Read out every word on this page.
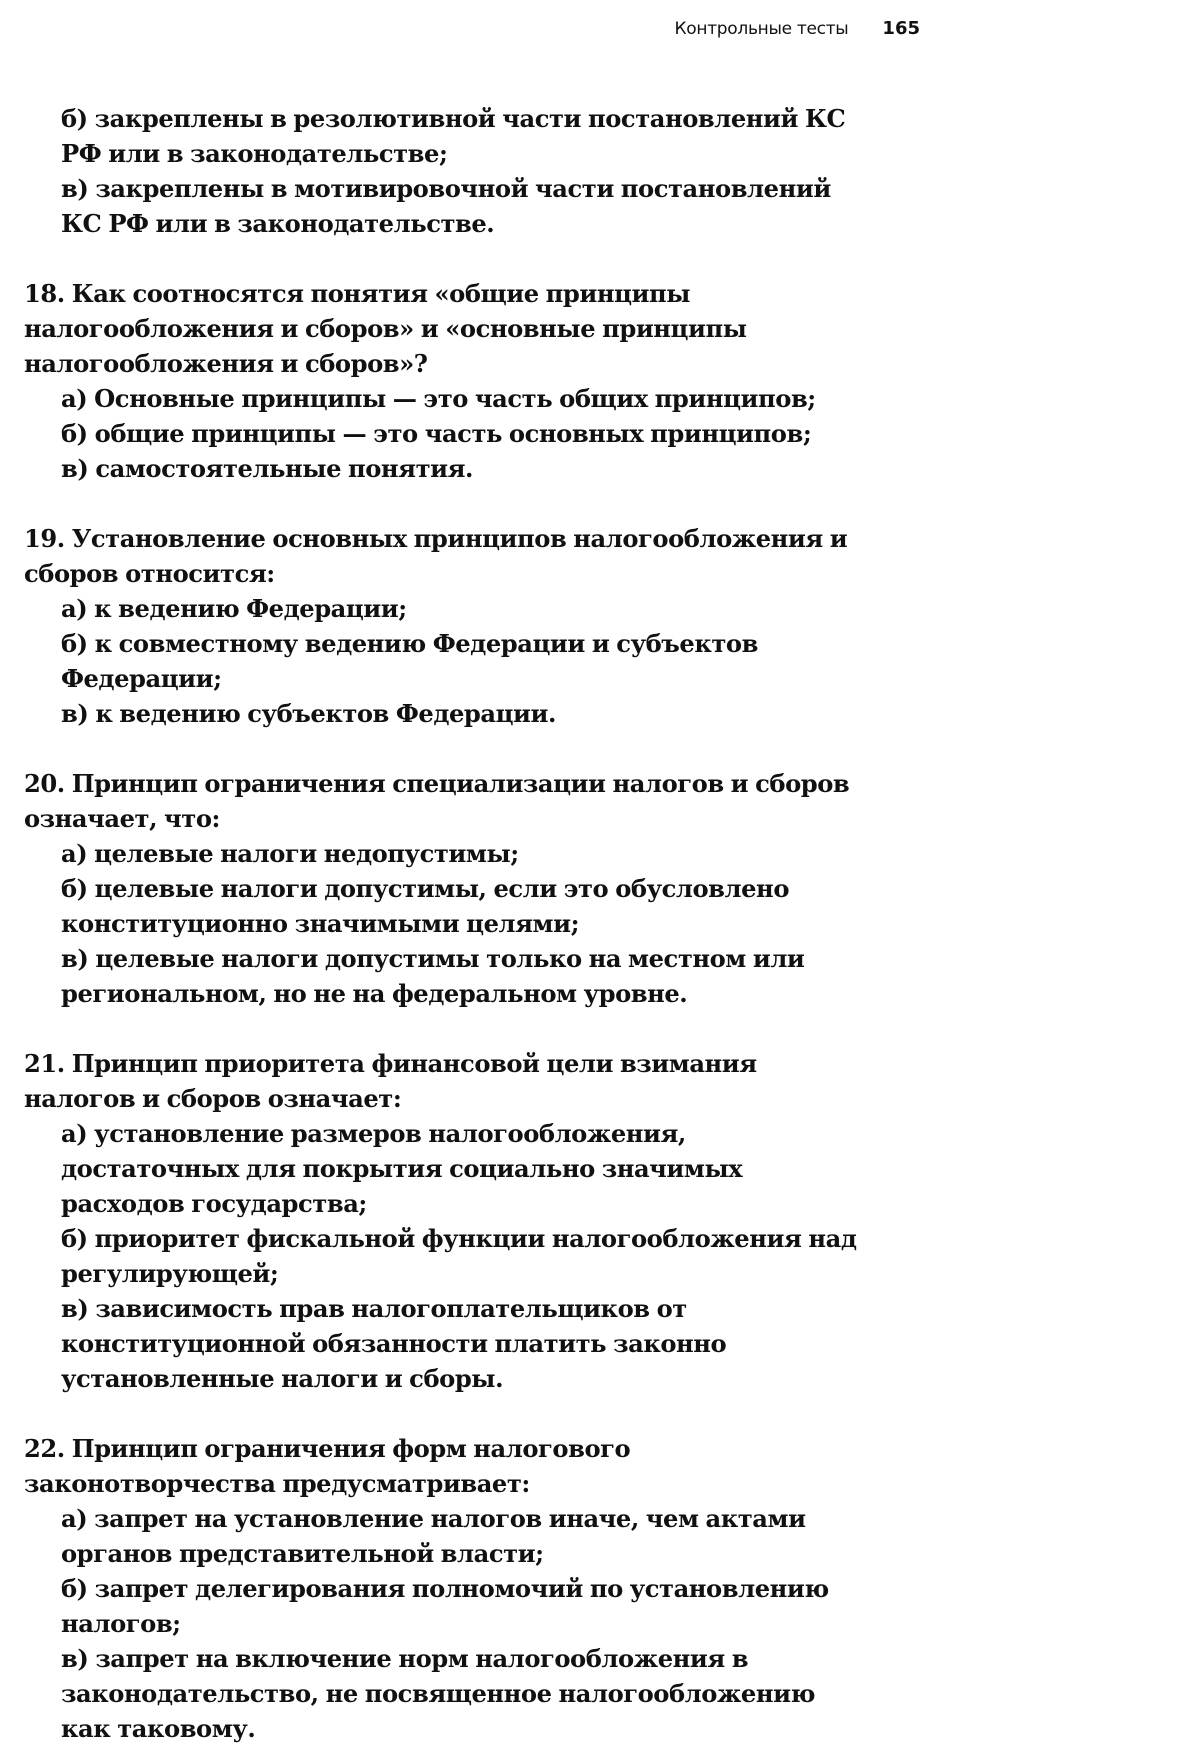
Контрольные тесты 165

б) закреплены в резолютивной части постановлений КС РФ или в законодательстве;

в) закреплены в мотивировочной части постановлений КС РФ или в законодательстве.

18. Как соотносятся понятия «общие принципы налогообложения и сборов» и «основные принципы налогообложения и сборов»?

а) Основные принципы — это часть общих принципов;

б) общие принципы — это часть основных принципов;

в) самостоятельные понятия.

19. Установление основных принципов налогообложения и сборов относится:

а) к ведению Федерации;

б) к совместному ведению Федерации и субъектов Федерации;

в) к ведению субъектов Федерации.

20. Принцип ограничения специализации налогов и сборов означает, что:

а) целевые налоги недопустимы;

б) целевые налоги допустимы, если это обусловлено конституционно значимыми целями;

в) целевые налоги допустимы только на местном или региональном, но не на федеральном уровне.

21. Принцип приоритета финансовой цели взимания налогов и сборов означает:

а) установление размеров налогообложения, достаточных для покрытия социально значимых расходов государства;

б) приоритет фискальной функции налогообложения над регулирующей;

в) зависимость прав налогоплательщиков от конституционной обязанности платить законно установленные налоги и сборы.

22. Принцип ограничения форм налогового законотворчества предусматривает:

а) запрет на установление налогов иначе, чем актами органов представительной власти;

б) запрет делегирования полномочий по установлению налогов;

в) запрет на включение норм налогообложения в законодательство, не посвященное налогообложению как таковому.
